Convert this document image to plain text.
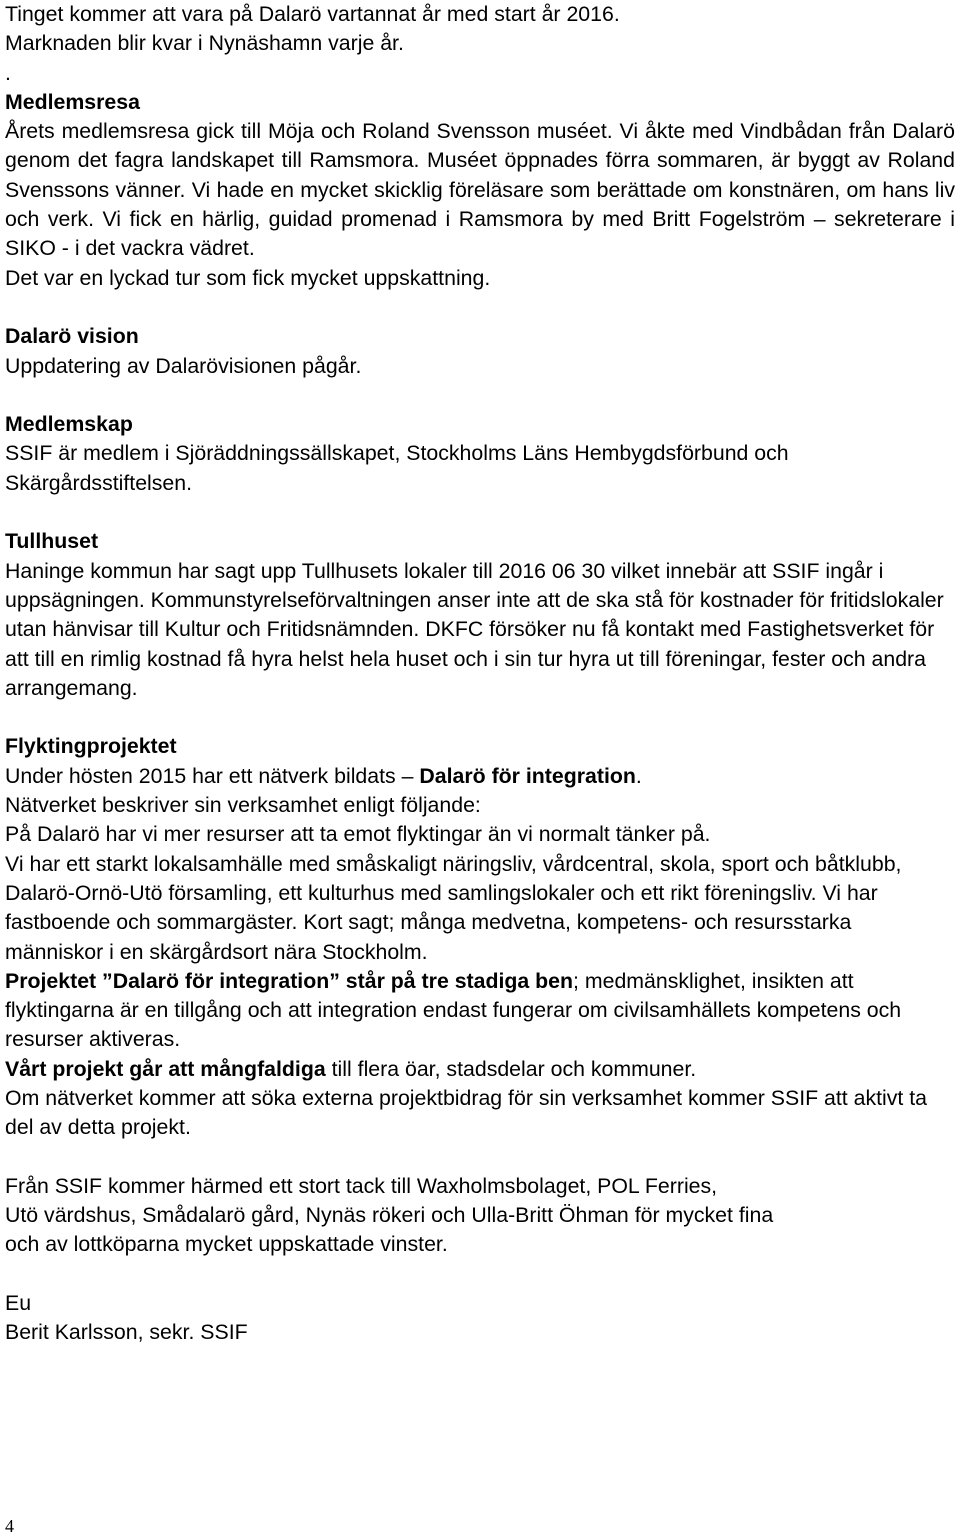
Tinget kommer att vara på Dalarö vartannat år med start år 2016.

Marknaden blir kvar i Nynäshamn varje år.

.

Medlemsresa

Årets medlemsresa gick till Möja och Roland Svensson muséet. Vi åkte med Vindbådan från Dalarö genom det fagra landskapet till Ramsmora. Muséet öppnades förra sommaren, är byggt av Roland Svenssons vänner. Vi hade en mycket skicklig föreläsare som berättade om konstnären, om hans liv och verk. Vi fick en härlig, guidad promenad i Ramsmora by med Britt Fogelström – sekreterare i SIKO - i det vackra vädret.

Det var en lyckad tur som fick mycket uppskattning.

Dalarö vision

Uppdatering av Dalarövisionen pågår.

Medlemskap

SSIF är medlem i Sjöräddningssällskapet, Stockholms Läns Hembygdsförbund och Skärgårdsstiftelsen.

Tullhuset

Haninge kommun har sagt upp Tullhusets lokaler till 2016 06 30 vilket innebär att SSIF ingår i uppsägningen. Kommunstyrelseförvaltningen anser inte att de ska stå för kostnader för fritidslokaler utan hänvisar till Kultur och Fritidsnämnden. DKFC försöker nu få kontakt med Fastighetsverket för att till en rimlig kostnad få hyra helst hela huset och i sin tur hyra ut till föreningar, fester och andra arrangemang.

Flyktingprojektet

Under hösten 2015 har ett nätverk bildats – Dalarö för integration.

Nätverket beskriver sin verksamhet enligt följande:

På Dalarö har vi mer resurser att ta emot flyktingar än vi normalt tänker på.

Vi har ett starkt lokalsamhälle med småskaligt näringsliv, vårdcentral, skola, sport och båtklubb, Dalarö-Ornö-Utö församling, ett kulturhus med samlingslokaler och ett rikt föreningsliv. Vi har fastboende och sommargäster. Kort sagt; många medvetna, kompetens- och resursstarka människor i en skärgårdsort nära Stockholm.

Projektet ”Dalarö för integration” står på tre stadiga ben; medmänsklighet, insikten att flyktingarna är en tillgång och att integration endast fungerar om civilsamhällets kompetens och resurser aktiveras.

Vårt projekt går att mångfaldiga till flera öar, stadsdelar och kommuner.

Om nätverket kommer att söka externa projektbidrag för sin verksamhet kommer SSIF att aktivt ta del av detta projekt.

Från SSIF kommer härmed ett stort tack till Waxholmsbolaget, POL Ferries,

Utö värdshus, Smådalarö gård, Nynäs rökeri och Ulla-Britt Öhman för mycket fina

och av lottköparna mycket uppskattade vinster.

Eu

Berit Karlsson, sekr. SSIF

4
